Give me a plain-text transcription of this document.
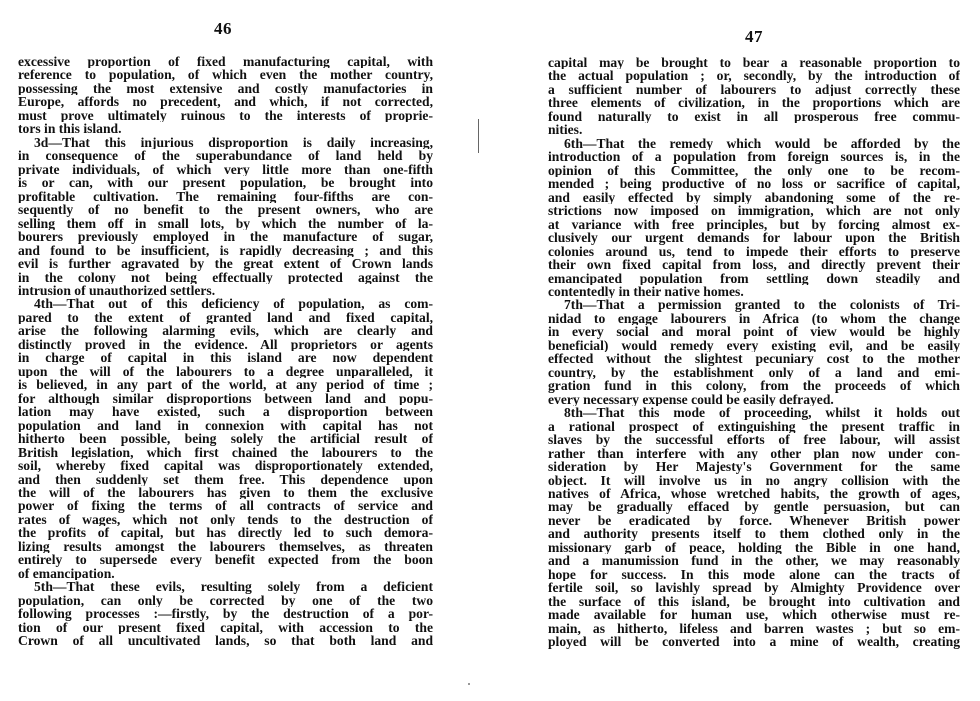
46
excessive proportion of fixed manufacturing capital, with
reference to population, of which even the mother country,
possessing the most extensive and costly manufactories in
Europe, affords no precedent, and which, if not corrected,
must prove ultimately ruinous to the interests of proprie-
tors in this island.
3d—That this injurious disproportion is daily increasing,
in consequence of the superabundance of land held by
private individuals, of which very little more than one-fifth
is or can, with our present population, be brought into
profitable cultivation. The remaining four-fifths are con-
sequently of no benefit to the present owners, who are
selling them off in small lots, by which the number of la-
bourers previously employed in the manufacture of sugar,
and found to be insufficient, is rapidly decreasing ; and this
evil is further agravated by the great extent of Crown lands
in the colony not being effectually protected against the
intrusion of unauthorized settlers.
4th—That out of this deficiency of population, as com-
pared to the extent of granted land and fixed capital,
arise the following alarming evils, which are clearly and
distinctly proved in the evidence. All proprietors or agents
in charge of capital in this island are now dependent
upon the will of the labourers to a degree unparalleled, it
is believed, in any part of the world, at any period of time ;
for although similar disproportions between land and popu-
lation may have existed, such a disproportion between
population and land in connexion with capital has not
hitherto been possible, being solely the artificial result of
British legislation, which first chained the labourers to the
soil, whereby fixed capital was disproportionately extended,
and then suddenly set them free. This dependence upon
the will of the labourers has given to them the exclusive
power of fixing the terms of all contracts of service and
rates of wages, which not only tends to the destruction of
the profits of capital, but has directly led to such demora-
lizing results amongst the labourers themselves, as threaten
entirely to supersede every benefit expected from the boon
of emancipation.
5th—That these evils, resulting solely from a deficient
population, can only be corrected by one of the two
following processes :—firstly, by the destruction of a por-
tion of our present fixed capital, with accession to the
Crown of all uncultivated lands, so that both land and
47
capital may be brought to bear a reasonable proportion to
the actual population ; or, secondly, by the introduction of
a sufficient number of labourers to adjust correctly these
three elements of civilization, in the proportions which are
found naturally to exist in all prosperous free commu-
nities.
6th—That the remedy which would be afforded by the
introduction of a population from foreign sources is, in the
opinion of this Committee, the only one to be recom-
mended ; being productive of no loss or sacrifice of capital,
and easily effected by simply abandoning some of the re-
strictions now imposed on immigration, which are not only
at variance with free principles, but by forcing almost ex-
clusively our urgent demands for labour upon the British
colonies around us, tend to impede their efforts to preserve
their own fixed capital from loss, and directly prevent their
emancipated population from settling down steadily and
contentedly in their native homes.
7th—That a permission granted to the colonists of Tri-
nidad to engage labourers in Africa (to whom the change
in every social and moral point of view would be highly
beneficial) would remedy every existing evil, and be easily
effected without the slightest pecuniary cost to the mother
country, by the establishment only of a land and emi-
gration fund in this colony, from the proceeds of which
every necessary expense could be easily defrayed.
8th—That this mode of proceeding, whilst it holds out
a rational prospect of extinguishing the present traffic in
slaves by the successful efforts of free labour, will assist
rather than interfere with any other plan now under con-
sideration by Her Majesty's Government for the same
object. It will involve us in no angry collision with the
natives of Africa, whose wretched habits, the growth of ages,
may be gradually effaced by gentle persuasion, but can
never be eradicated by force. Whenever British power
and authority presents itself to them clothed only in the
missionary garb of peace, holding the Bible in one hand,
and a manumission fund in the other, we may reasonably
hope for success. In this mode alone can the tracts of
fertile soil, so lavishly spread by Almighty Providence over
the surface of this island, be brought into cultivation and
made available for human use, which otherwise must re-
main, as hitherto, lifeless and barren wastes ; but so em-
ployed will be converted into a mine of wealth, creating
